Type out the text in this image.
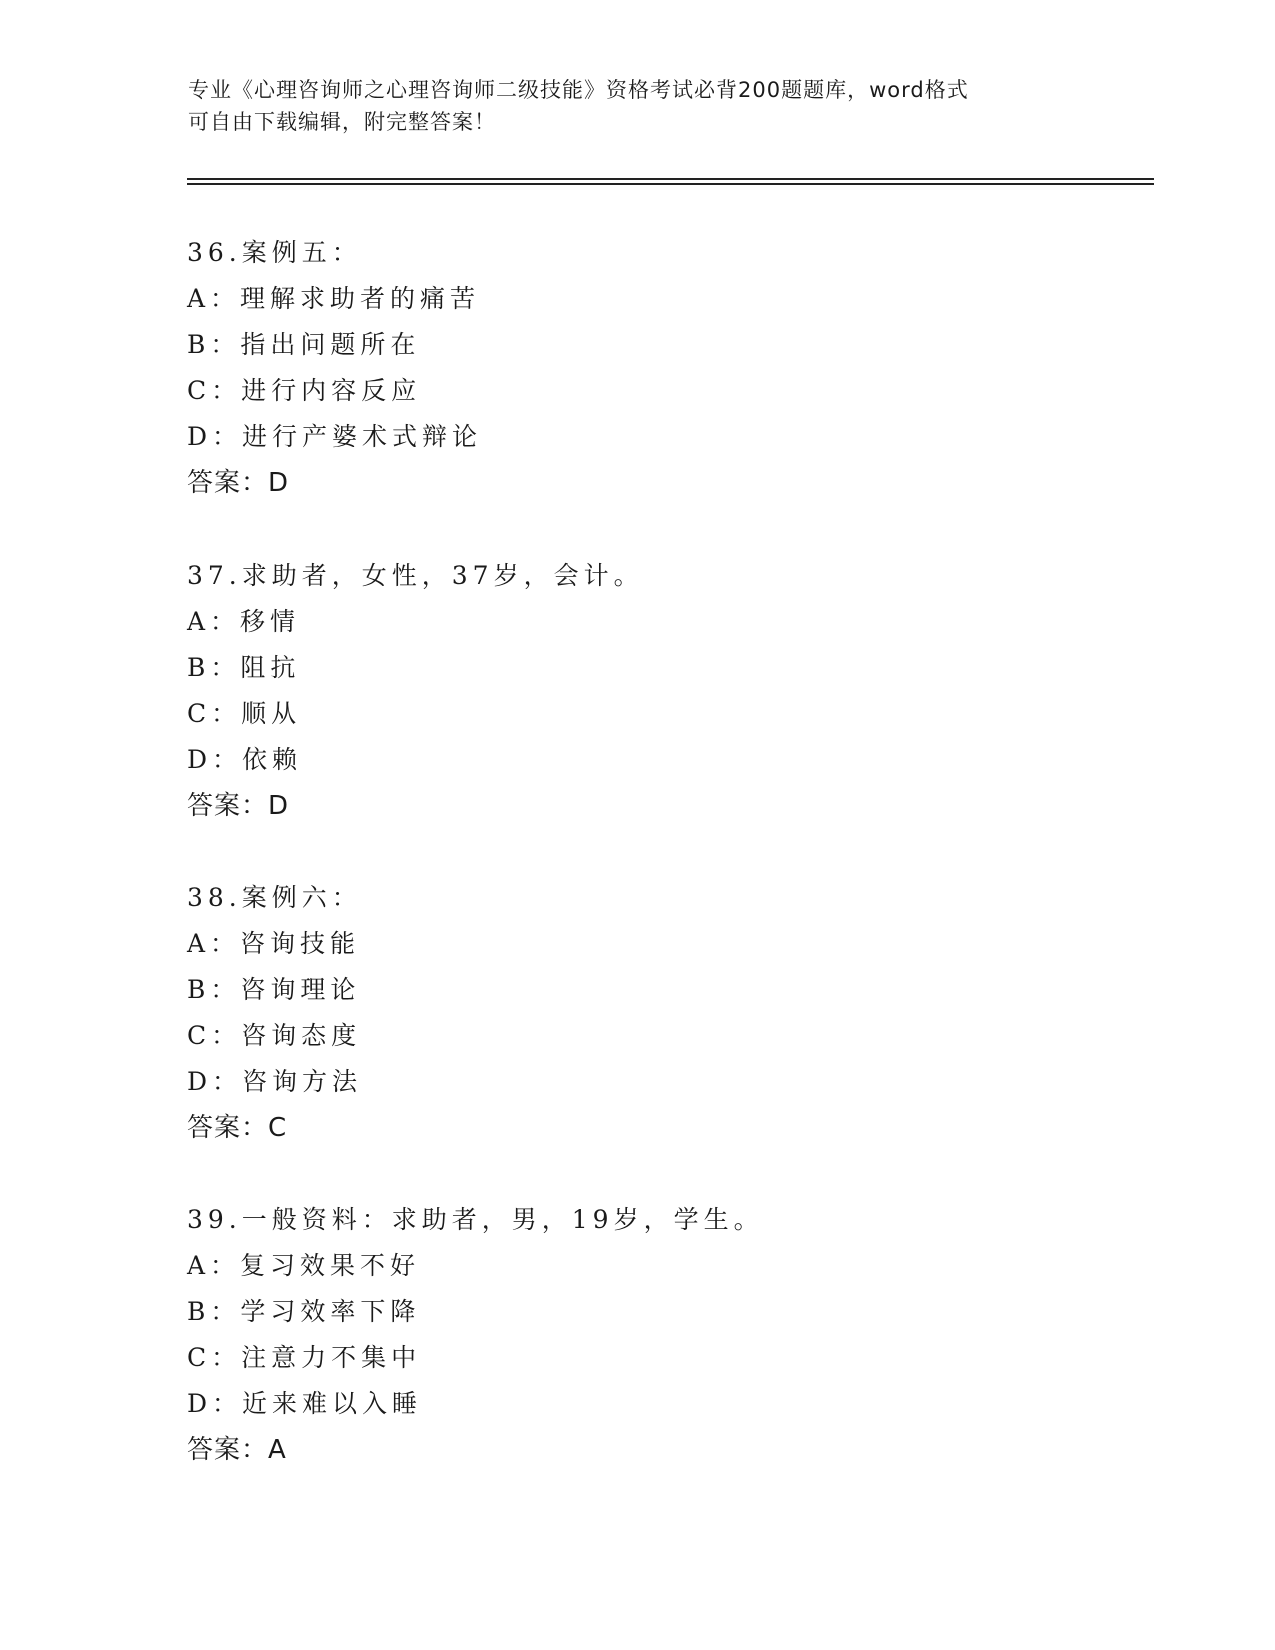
专业《心理咨询师之心理咨询师二级技能》资格考试必背200题题库，word格式
可自由下载编辑，附完整答案！
36.案例五：
A：理解求助者的痛苦
B：指出问题所在
C：进行内容反应
D：进行产婆术式辩论
答案：D
37.求助者，女性，37岁，会计。
A：移情
B：阻抗
C：顺从
D：依赖
答案：D
38.案例六：
A：咨询技能
B：咨询理论
C：咨询态度
D：咨询方法
答案：C
39.一般资料：求助者，男，19岁，学生。
A：复习效果不好
B：学习效率下降
C：注意力不集中
D：近来难以入睡
答案：A
